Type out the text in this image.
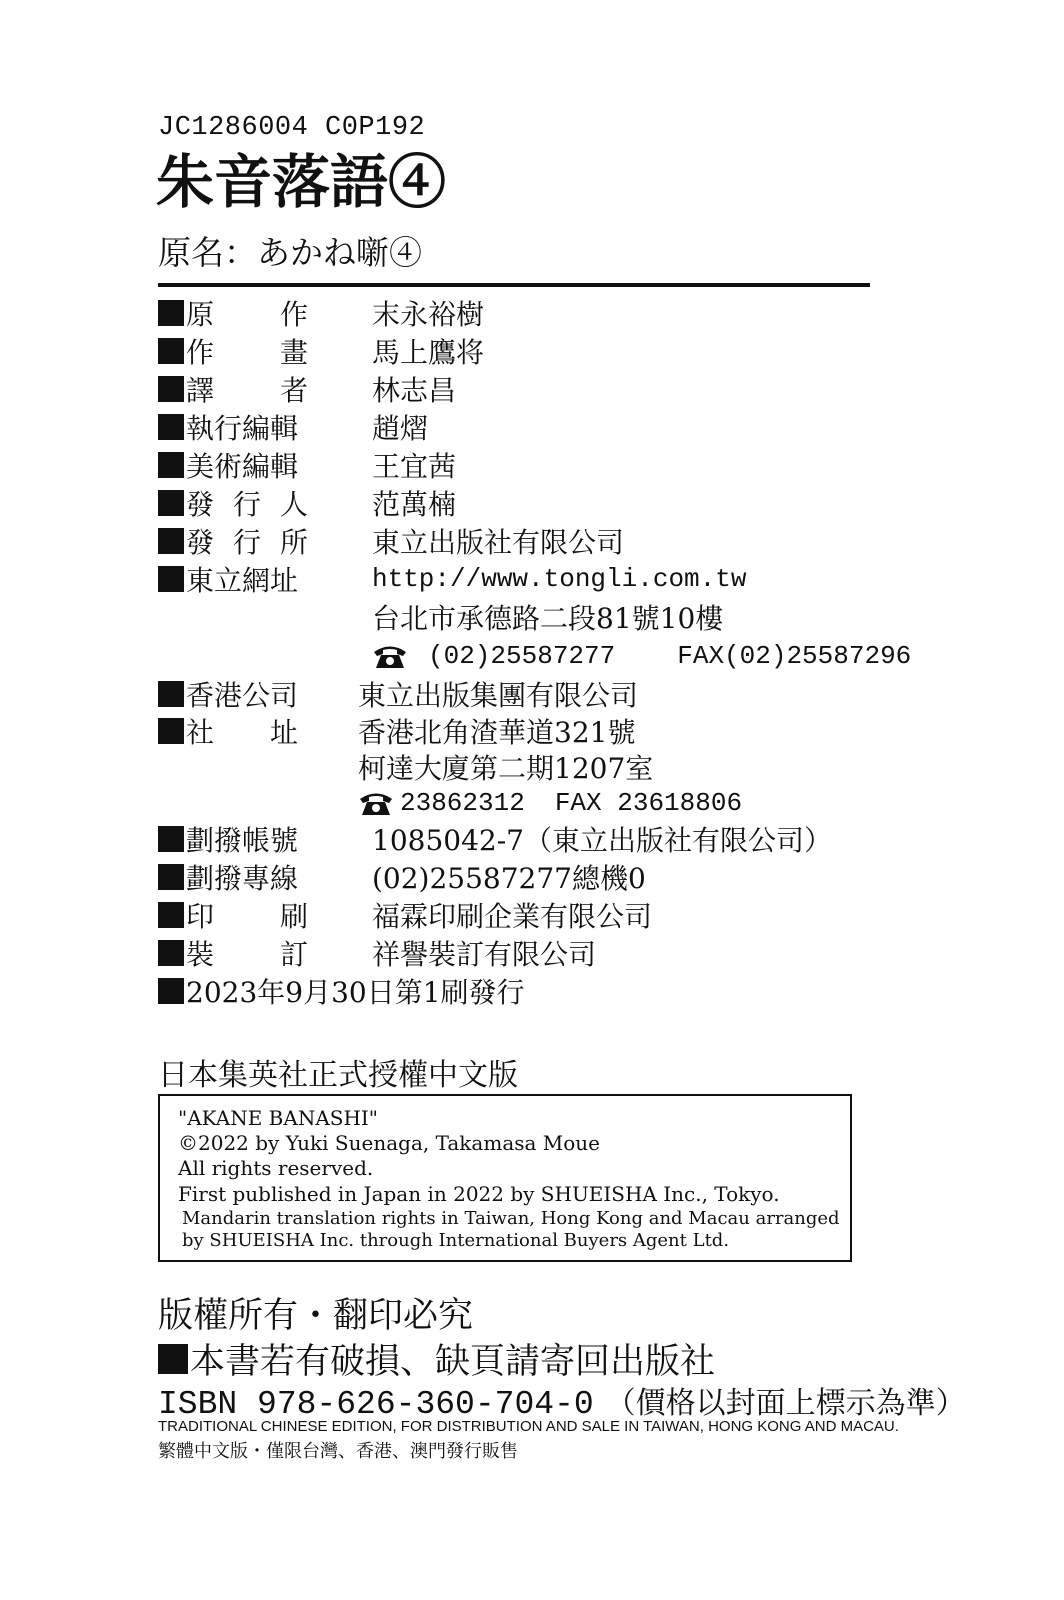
JC1286004 C0P192
朱音落語④
原名：あかね噺④
原 作 末永裕樹
作 畫 馬上鷹将
譯 者 林志昌
執行編輯	趙熠
美術編輯	王宜茜
發 行 人 范萬楠
發 行 所 東立出版社有限公司
東立網址	http://www.tongli.com.tw
台北市承德路二段81號10樓
(02)25587277 FAX(02)25587296
香港公司 東立出版集團有限公司
社 址 香港北角渣華道321號
柯達大廈第二期1207室
23862312 FAX 23618806
劃撥帳號	1085042-7（東立出版社有限公司）
劃撥專線	(02)25587277總機0
印 刷 福霖印刷企業有限公司
裝 訂 祥譽裝訂有限公司
2023年9月30日第1刷發行
日本集英社正式授權中文版
"AKANE BANASHI"
©2022 by Yuki Suenaga, Takamasa Moue
All rights reserved.
First published in Japan in 2022 by SHUEISHA Inc., Tokyo.
Mandarin translation rights in Taiwan, Hong Kong and Macau arranged
by SHUEISHA Inc. through International Buyers Agent Ltd.
版權所有・翻印必究
本書若有破損、缺頁請寄回出版社
ISBN 978-626-360-704-0 （價格以封面上標示為準）
TRADITIONAL CHINESE EDITION, FOR DISTRIBUTION AND SALE IN TAIWAN, HONG KONG AND MACAU.
繁體中文版・僅限台灣、香港、澳門發行販售
